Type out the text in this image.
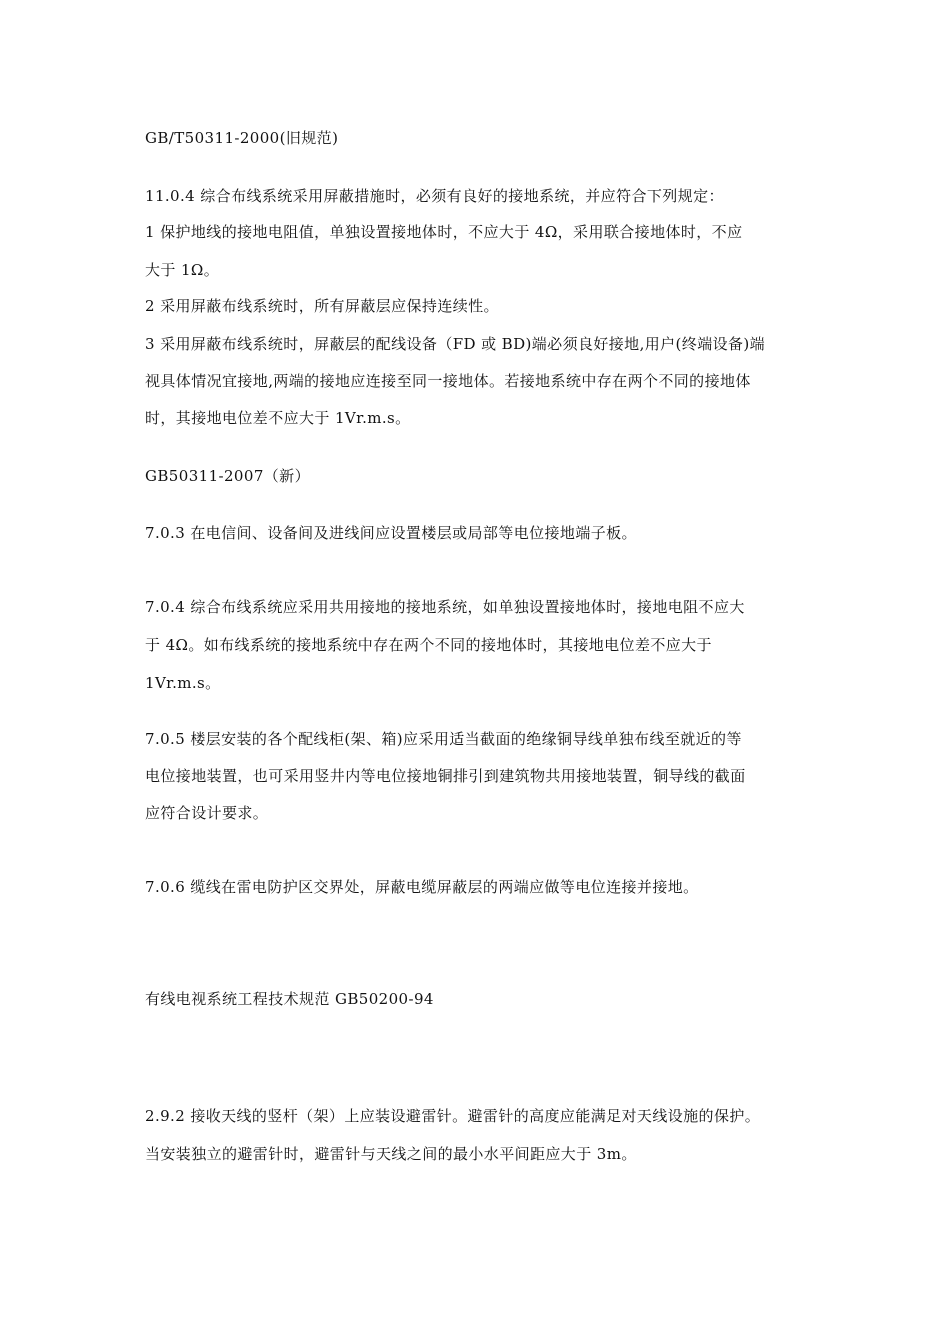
GB/T50311-2000(旧规范)
11.0.4 综合布线系统采用屏蔽措施时，必须有良好的接地系统，并应符合下列规定：
1 保护地线的接地电阻值，单独设置接地体时，不应大于 4Ω，采用联合接地体时，不应
大于 1Ω。
2 采用屏蔽布线系统时，所有屏蔽层应保持连续性。
3 采用屏蔽布线系统时，屏蔽层的配线设备（FD 或 BD)端必须良好接地,用户(终端设备)端
视具体情况宜接地,两端的接地应连接至同一接地体。若接地系统中存在两个不同的接地体
时，其接地电位差不应大于 1Vr.m.s。
GB50311-2007（新）
7.0.3 在电信间、设备间及进线间应设置楼层或局部等电位接地端子板。
7.0.4 综合布线系统应采用共用接地的接地系统，如单独设置接地体时，接地电阻不应大
于 4Ω。如布线系统的接地系统中存在两个不同的接地体时，其接地电位差不应大于
1Vr.m.s。
7.0.5 楼层安装的各个配线柜(架、箱)应采用适当截面的绝缘铜导线单独布线至就近的等
电位接地装置，也可采用竖井内等电位接地铜排引到建筑物共用接地装置，铜导线的截面
应符合设计要求。
7.0.6 缆线在雷电防护区交界处，屏蔽电缆屏蔽层的两端应做等电位连接并接地。
有线电视系统工程技术规范 GB50200-94
2.9.2 接收天线的竖杆（架）上应装设避雷针。避雷针的高度应能满足对天线设施的保护。
当安装独立的避雷针时，避雷针与天线之间的最小水平间距应大于 3m。
